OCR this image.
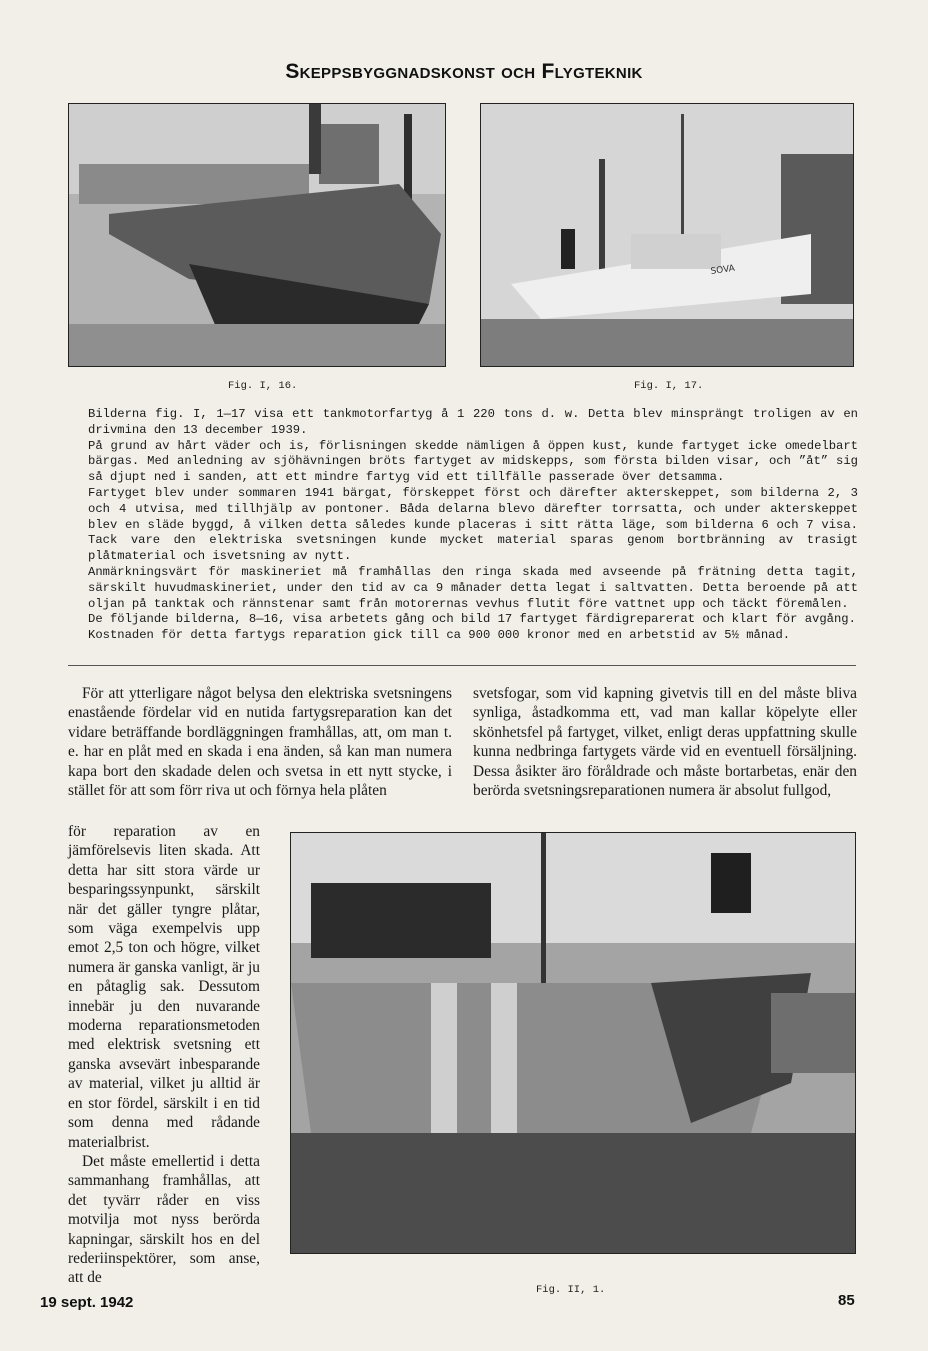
Skeppsbyggnadskonst och Flygteknik
Fig. I, 16.
SOVA
Fig. I, 17.

Bilderna fig. I, 1—17 visa ett tankmotorfartyg å 1 220 tons d. w. Detta blev minsprängt troligen av en drivmina den 13 december 1939.

På grund av hårt väder och is, förlisningen skedde nämligen å öppen kust, kunde fartyget icke omedelbart bärgas. Med anledning av sjöhävningen bröts fartyget av midskepps, som första bilden visar, och ”åt” sig så djupt ned i sanden, att ett mindre fartyg vid ett tillfälle passerade över detsamma.

Fartyget blev under sommaren 1941 bärgat, förskeppet först och därefter akterskeppet, som bilderna 2, 3 och 4 utvisa, med tillhjälp av pontoner. Båda delarna blevo därefter torrsatta, och under akterskeppet blev en släde byggd, å vilken detta således kunde placeras i sitt rätta läge, som bilderna 6 och 7 visa. Tack vare den elektriska svetsningen kunde mycket material sparas genom bortbränning av trasigt plåtmaterial och isvetsning av nytt.

Anmärkningsvärt för maskineriet må framhållas den ringa skada med avseende på frätning detta tagit, särskilt huvudmaskineriet, under den tid av ca 9 månader detta legat i saltvatten. Detta beroende på att oljan på tanktak och rännstenar samt från motorernas vevhus flutit före vattnet upp och täckt föremålen.

De följande bilderna, 8—16, visa arbetets gång och bild 17 fartyget färdigreparerat och klart för avgång.

Kostnaden för detta fartygs reparation gick till ca 900 000 kronor med en arbetstid av 5½ månad.

För att ytterligare något belysa den elektriska svetsningens enastående fördelar vid en nutida fartygsreparation kan det vidare beträffande bordläggningen framhållas, att, om man t. e. har en plåt med en skada i ena änden, så kan man numera kapa bort den skadade delen och svetsa in ett nytt stycke, i stället för att som förr riva ut och förnya hela plåten

för reparation av en jämförelsevis liten skada. Att detta har sitt stora värde ur besparingssynpunkt, särskilt när det gäller tyngre plåtar, som väga exempelvis upp emot 2,5 ton och högre, vilket numera är ganska vanligt, är ju en påtaglig sak. Dessutom innebär ju den nuvarande moderna reparationsmetoden med elektrisk svetsning ett ganska avsevärt inbesparande av material, vilket ju alltid är en stor fördel, särskilt i en tid som denna med rådande materialbrist.

Det måste emellertid i detta sammanhang framhållas, att det tyvärr råder en viss motvilja mot nyss berörda kapningar, särskilt hos en del rederiinspektörer, som anse, att de

svetsfogar, som vid kapning givetvis till en del måste bliva synliga, åstadkomma ett, vad man kallar köpelyte eller skönhetsfel på fartyget, vilket, enligt deras uppfattning skulle kunna nedbringa fartygets värde vid en eventuell försäljning. Dessa åsikter äro föråldrade och måste bortarbetas, enär den berörda svetsningsreparationen numera är absolut fullgod,

Fig. II, 1.
19 sept. 1942	85
